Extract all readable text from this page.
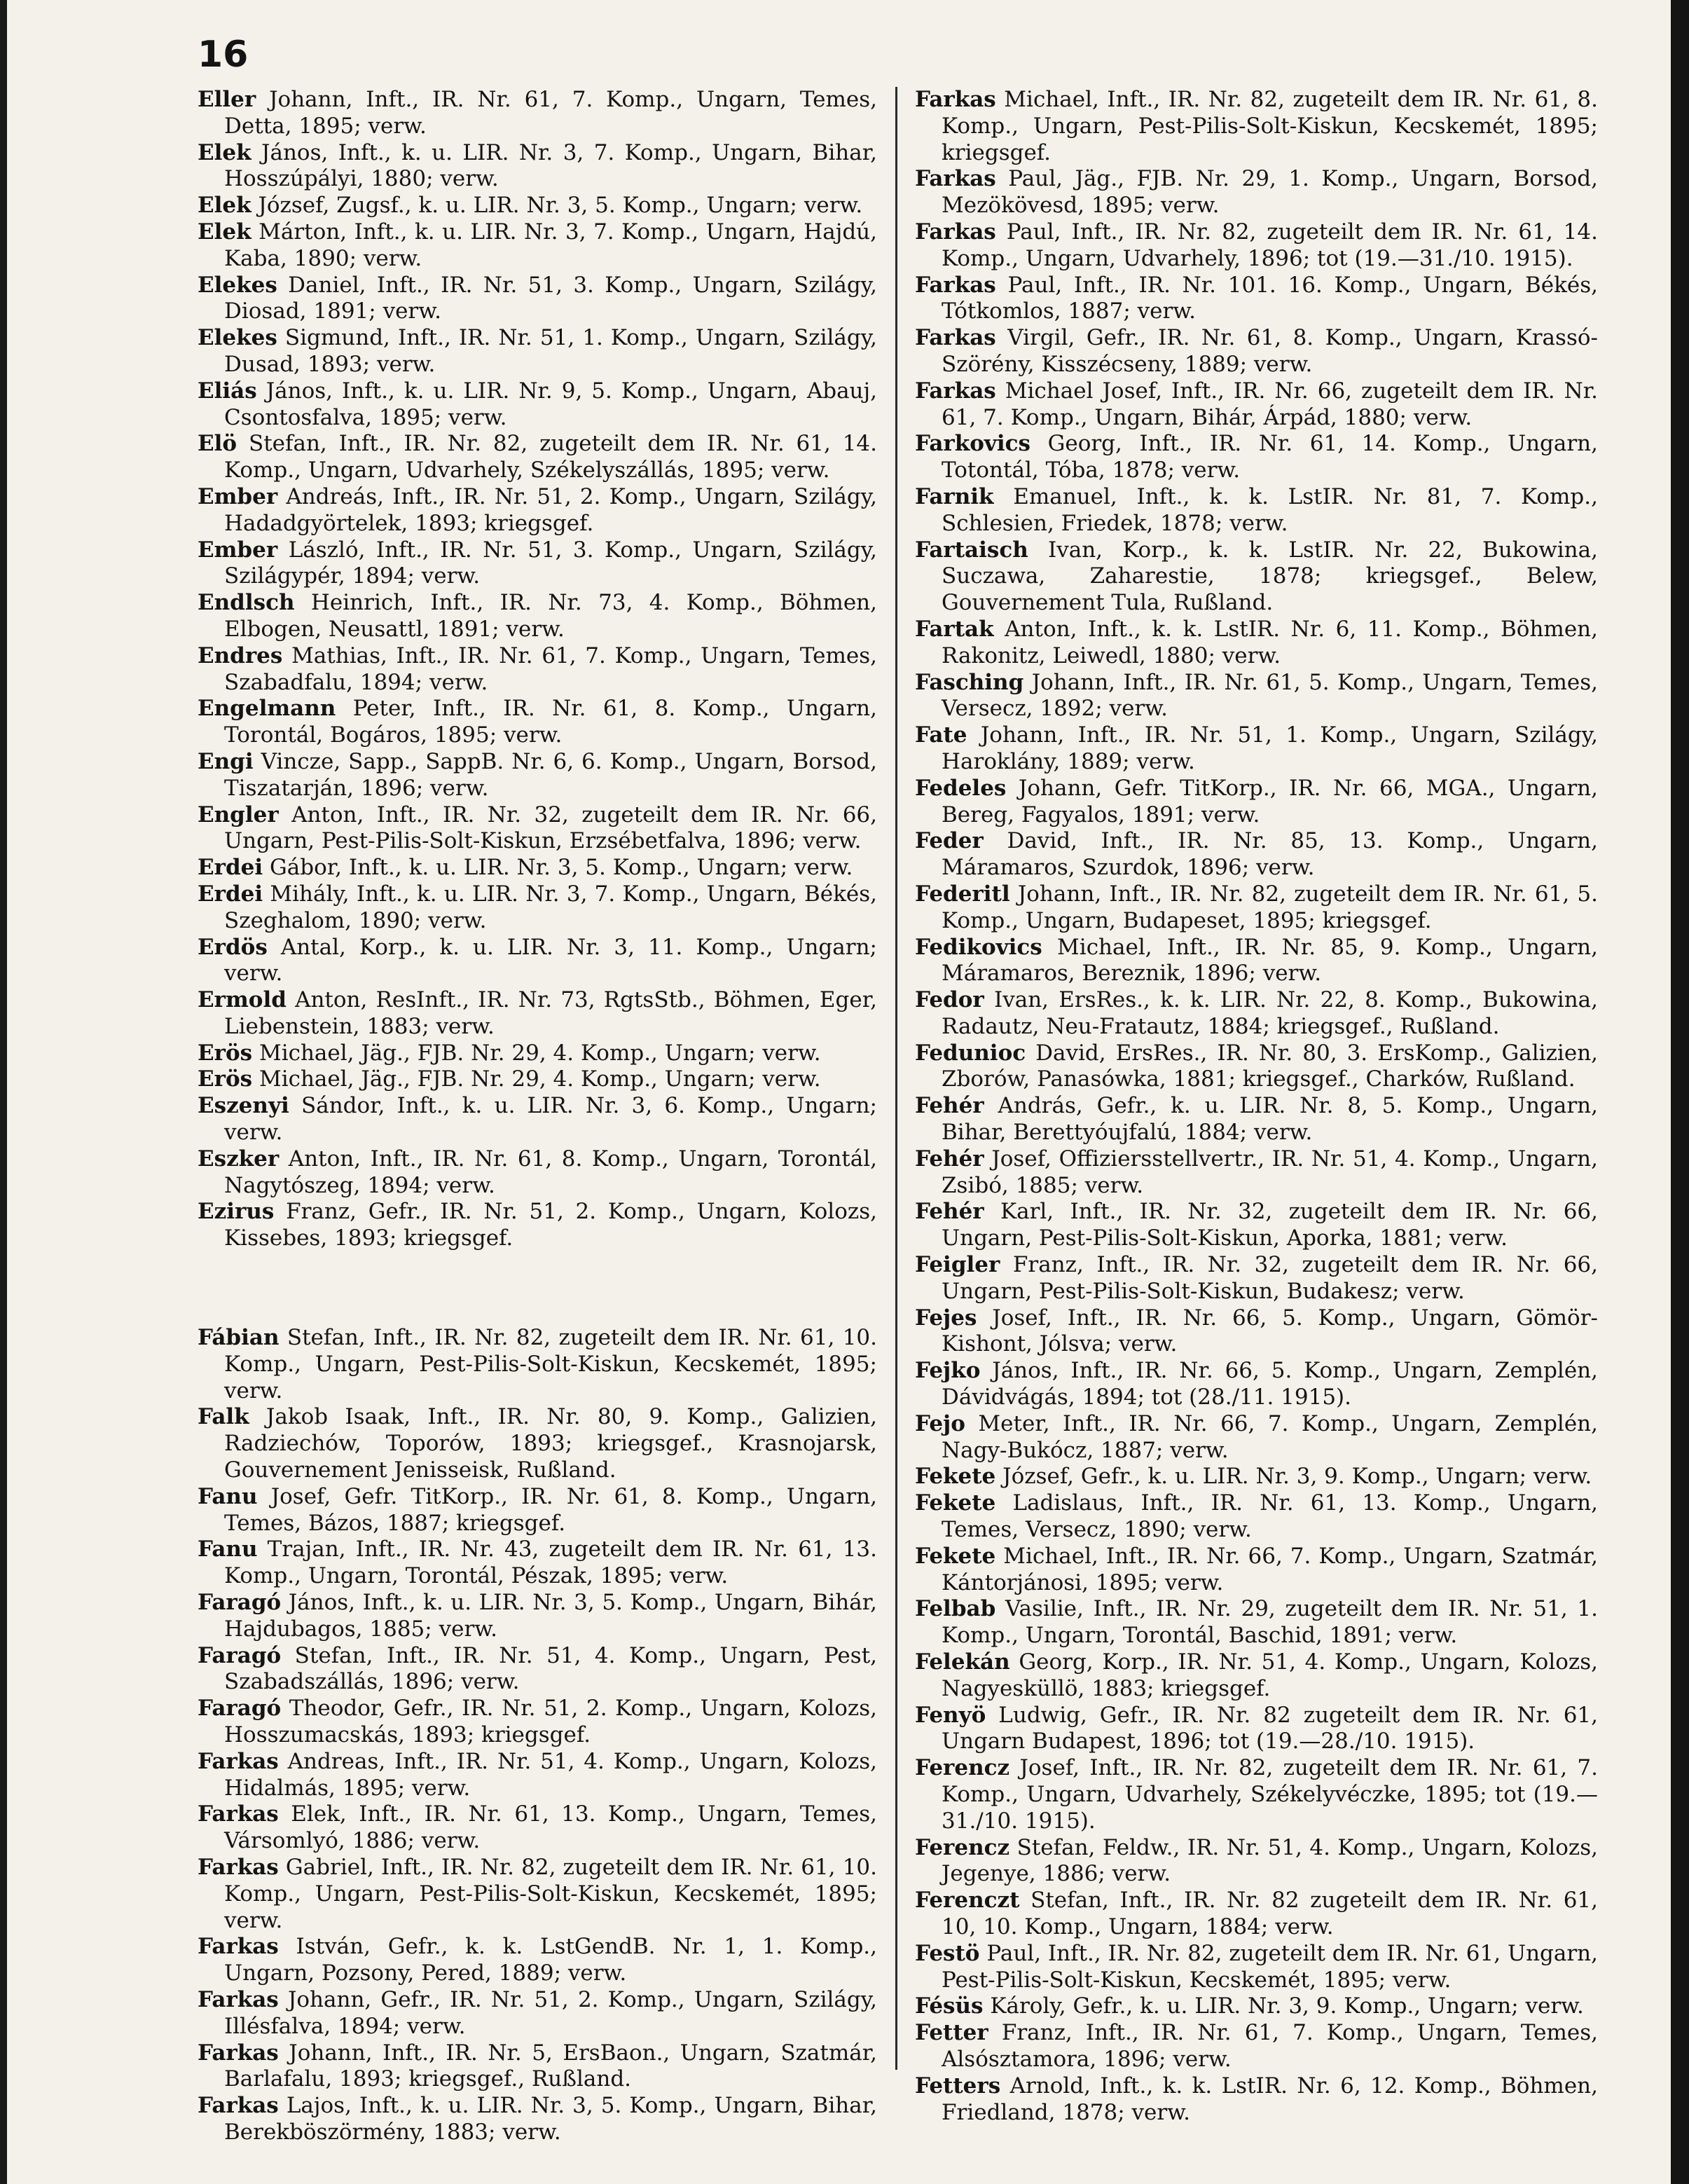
16
Eller Johann, Inft., IR. Nr. 61, 7. Komp., Ungarn, Temes, Detta, 1895; verw.
Elek János, Inft., k. u. LIR. Nr. 3, 7. Komp., Ungarn, Bihar, Hosszúpályi, 1880; verw.
Elek József, Zugsf., k. u. LIR. Nr. 3, 5. Komp., Ungarn; verw.
Elek Márton, Inft., k. u. LIR. Nr. 3, 7. Komp., Ungarn, Hajdú, Kaba, 1890; verw.
Elekes Daniel, Inft., IR. Nr. 51, 3. Komp., Ungarn, Szilágy, Diosad, 1891; verw.
Elekes Sigmund, Inft., IR. Nr. 51, 1. Komp., Ungarn, Szilágy, Dusad, 1893; verw.
Eliás János, Inft., k. u. LIR. Nr. 9, 5. Komp., Ungarn, Abauj, Csontosfalva, 1895; verw.
Elö Stefan, Inft., IR. Nr. 82, zugeteilt dem IR. Nr. 61, 14. Komp., Ungarn, Udvarhely, Székelyszállás, 1895; verw.
Ember Andreás, Inft., IR. Nr. 51, 2. Komp., Ungarn, Szilágy, Hadadgyörtelek, 1893; kriegsgef.
Ember László, Inft., IR. Nr. 51, 3. Komp., Ungarn, Szilágy, Szilágypér, 1894; verw.
Endlsch Heinrich, Inft., IR. Nr. 73, 4. Komp., Böhmen, Elbogen, Neusattl, 1891; verw.
Endres Mathias, Inft., IR. Nr. 61, 7. Komp., Ungarn, Temes, Szabadfalu, 1894; verw.
Engelmann Peter, Inft., IR. Nr. 61, 8. Komp., Ungarn, Torontál, Bogáros, 1895; verw.
Engi Vincze, Sapp., SappB. Nr. 6, 6. Komp., Ungarn, Borsod, Tiszatarján, 1896; verw.
Engler Anton, Inft., IR. Nr. 32, zugeteilt dem IR. Nr. 66, Ungarn, Pest-Pilis-Solt-Kiskun, Erzsébetfalva, 1896; verw.
Erdei Gábor, Inft., k. u. LIR. Nr. 3, 5. Komp., Ungarn; verw.
Erdei Mihály, Inft., k. u. LIR. Nr. 3, 7. Komp., Ungarn, Békés, Szeghalom, 1890; verw.
Erdös Antal, Korp., k. u. LIR. Nr. 3, 11. Komp., Ungarn; verw.
Ermold Anton, ResInft., IR. Nr. 73, RgtsStb., Böhmen, Eger, Liebenstein, 1883; verw.
Erös Michael, Jäg., FJB. Nr. 29, 4. Komp., Ungarn; verw.
Erös Michael, Jäg., FJB. Nr. 29, 4. Komp., Ungarn; verw.
Eszenyi Sándor, Inft., k. u. LIR. Nr. 3, 6. Komp., Ungarn; verw.
Eszker Anton, Inft., IR. Nr. 61, 8. Komp., Ungarn, Torontál, Nagytószeg, 1894; verw.
Ezirus Franz, Gefr., IR. Nr. 51, 2. Komp., Ungarn, Kolozs, Kissebes, 1893; kriegsgef.
Fábian Stefan, Inft., IR. Nr. 82, zugeteilt dem IR. Nr. 61, 10. Komp., Ungarn, Pest-Pilis-Solt-Kiskun, Kecskemét, 1895; verw.
Falk Jakob Isaak, Inft., IR. Nr. 80, 9. Komp., Galizien, Radziechów, Toporów, 1893; kriegsgef., Krasnojarsk, Gouvernement Jenisseisk, Rußland.
Fanu Josef, Gefr. TitKorp., IR. Nr. 61, 8. Komp., Ungarn, Temes, Bázos, 1887; kriegsgef.
Fanu Trajan, Inft., IR. Nr. 43, zugeteilt dem IR. Nr. 61, 13. Komp., Ungarn, Torontál, Pészak, 1895; verw.
Faragó János, Inft., k. u. LIR. Nr. 3, 5. Komp., Ungarn, Bihár, Hajdubagos, 1885; verw.
Faragó Stefan, Inft., IR. Nr. 51, 4. Komp., Ungarn, Pest, Szabadszállás, 1896; verw.
Faragó Theodor, Gefr., IR. Nr. 51, 2. Komp., Ungarn, Kolozs, Hosszumacskás, 1893; kriegsgef.
Farkas Andreas, Inft., IR. Nr. 51, 4. Komp., Ungarn, Kolozs, Hidalmás, 1895; verw.
Farkas Elek, Inft., IR. Nr. 61, 13. Komp., Ungarn, Temes, Vársomlyó, 1886; verw.
Farkas Gabriel, Inft., IR. Nr. 82, zugeteilt dem IR. Nr. 61, 10. Komp., Ungarn, Pest-Pilis-Solt-Kiskun, Kecskemét, 1895; verw.
Farkas István, Gefr., k. k. LstGendB. Nr. 1, 1. Komp., Ungarn, Pozsony, Pered, 1889; verw.
Farkas Johann, Gefr., IR. Nr. 51, 2. Komp., Ungarn, Szilágy, Illésfalva, 1894; verw.
Farkas Johann, Inft., IR. Nr. 5, ErsBaon., Ungarn, Szatmár, Barlafalu, 1893; kriegsgef., Rußland.
Farkas Lajos, Inft., k. u. LIR. Nr. 3, 5. Komp., Ungarn, Bihar, Berekböszörmény, 1883; verw.
Farkas Michael, Inft., IR. Nr. 82, zugeteilt dem IR. Nr. 61, 8. Komp., Ungarn, Pest-Pilis-Solt-Kiskun, Kecskemét, 1895; kriegsgef.
Farkas Paul, Jäg., FJB. Nr. 29, 1. Komp., Ungarn, Borsod, Mezökövesd, 1895; verw.
Farkas Paul, Inft., IR. Nr. 82, zugeteilt dem IR. Nr. 61, 14. Komp., Ungarn, Udvarhely, 1896; tot (19.—31./10. 1915).
Farkas Paul, Inft., IR. Nr. 101. 16. Komp., Ungarn, Békés, Tótkomlos, 1887; verw.
Farkas Virgil, Gefr., IR. Nr. 61, 8. Komp., Ungarn, Krassó-Szörény, Kisszécseny, 1889; verw.
Farkas Michael Josef, Inft., IR. Nr. 66, zugeteilt dem IR. Nr. 61, 7. Komp., Ungarn, Bihár, Árpád, 1880; verw.
Farkovics Georg, Inft., IR. Nr. 61, 14. Komp., Ungarn, Totontál, Tóba, 1878; verw.
Farnik Emanuel, Inft., k. k. LstIR. Nr. 81, 7. Komp., Schlesien, Friedek, 1878; verw.
Fartaisch Ivan, Korp., k. k. LstIR. Nr. 22, Bukowina, Suczawa, Zaharestie, 1878; kriegsgef., Belew, Gouvernement Tula, Rußland.
Fartak Anton, Inft., k. k. LstIR. Nr. 6, 11. Komp., Böhmen, Rakonitz, Leiwedl, 1880; verw.
Fasching Johann, Inft., IR. Nr. 61, 5. Komp., Ungarn, Temes, Versecz, 1892; verw.
Fate Johann, Inft., IR. Nr. 51, 1. Komp., Ungarn, Szilágy, Haroklány, 1889; verw.
Fedeles Johann, Gefr. TitKorp., IR. Nr. 66, MGA., Ungarn, Bereg, Fagyalos, 1891; verw.
Feder David, Inft., IR. Nr. 85, 13. Komp., Ungarn, Máramaros, Szurdok, 1896; verw.
Federitl Johann, Inft., IR. Nr. 82, zugeteilt dem IR. Nr. 61, 5. Komp., Ungarn, Budapeset, 1895; kriegsgef.
Fedikovics Michael, Inft., IR. Nr. 85, 9. Komp., Ungarn, Máramaros, Bereznik, 1896; verw.
Fedor Ivan, ErsRes., k. k. LIR. Nr. 22, 8. Komp., Bukowina, Radautz, Neu-Fratautz, 1884; kriegsgef., Rußland.
Fedunioc David, ErsRes., IR. Nr. 80, 3. ErsKomp., Galizien, Zborów, Panasówka, 1881; kriegsgef., Charków, Rußland.
Fehér András, Gefr., k. u. LIR. Nr. 8, 5. Komp., Ungarn, Bihar, Berettyóujfalú, 1884; verw.
Fehér Josef, Offiziersstellvertr., IR. Nr. 51, 4. Komp., Ungarn, Zsibó, 1885; verw.
Fehér Karl, Inft., IR. Nr. 32, zugeteilt dem IR. Nr. 66, Ungarn, Pest-Pilis-Solt-Kiskun, Aporka, 1881; verw.
Feigler Franz, Inft., IR. Nr. 32, zugeteilt dem IR. Nr. 66, Ungarn, Pest-Pilis-Solt-Kiskun, Budakesz; verw.
Fejes Josef, Inft., IR. Nr. 66, 5. Komp., Ungarn, Gömör-Kishont, Jólsva; verw.
Fejko János, Inft., IR. Nr. 66, 5. Komp., Ungarn, Zemplén, Dávidvágás, 1894; tot (28./11. 1915).
Fejo Meter, Inft., IR. Nr. 66, 7. Komp., Ungarn, Zemplén, Nagy-Bukócz, 1887; verw.
Fekete József, Gefr., k. u. LIR. Nr. 3, 9. Komp., Ungarn; verw.
Fekete Ladislaus, Inft., IR. Nr. 61, 13. Komp., Ungarn, Temes, Versecz, 1890; verw.
Fekete Michael, Inft., IR. Nr. 66, 7. Komp., Ungarn, Szatmár, Kántorjánosi, 1895; verw.
Felbab Vasilie, Inft., IR. Nr. 29, zugeteilt dem IR. Nr. 51, 1. Komp., Ungarn, Torontál, Baschid, 1891; verw.
Felekán Georg, Korp., IR. Nr. 51, 4. Komp., Ungarn, Kolozs, Nagyesküllö, 1883; kriegsgef.
Fenyö Ludwig, Gefr., IR. Nr. 82 zugeteilt dem IR. Nr. 61, Ungarn Budapest, 1896; tot (19.—28./10. 1915).
Ferencz Josef, Inft., IR. Nr. 82, zugeteilt dem IR. Nr. 61, 7. Komp., Ungarn, Udvarhely, Székelyvéczke, 1895; tot (19.—31./10. 1915).
Ferencz Stefan, Feldw., IR. Nr. 51, 4. Komp., Ungarn, Kolozs, Jegenye, 1886; verw.
Ferenczt Stefan, Inft., IR. Nr. 82 zugeteilt dem IR. Nr. 61, 10, 10. Komp., Ungarn, 1884; verw.
Festö Paul, Inft., IR. Nr. 82, zugeteilt dem IR. Nr. 61, Ungarn, Pest-Pilis-Solt-Kiskun, Kecskemét, 1895; verw.
Fésüs Károly, Gefr., k. u. LIR. Nr. 3, 9. Komp., Ungarn; verw.
Fetter Franz, Inft., IR. Nr. 61, 7. Komp., Ungarn, Temes, Alsósztamora, 1896; verw.
Fetters Arnold, Inft., k. k. LstIR. Nr. 6, 12. Komp., Böhmen, Friedland, 1878; verw.
